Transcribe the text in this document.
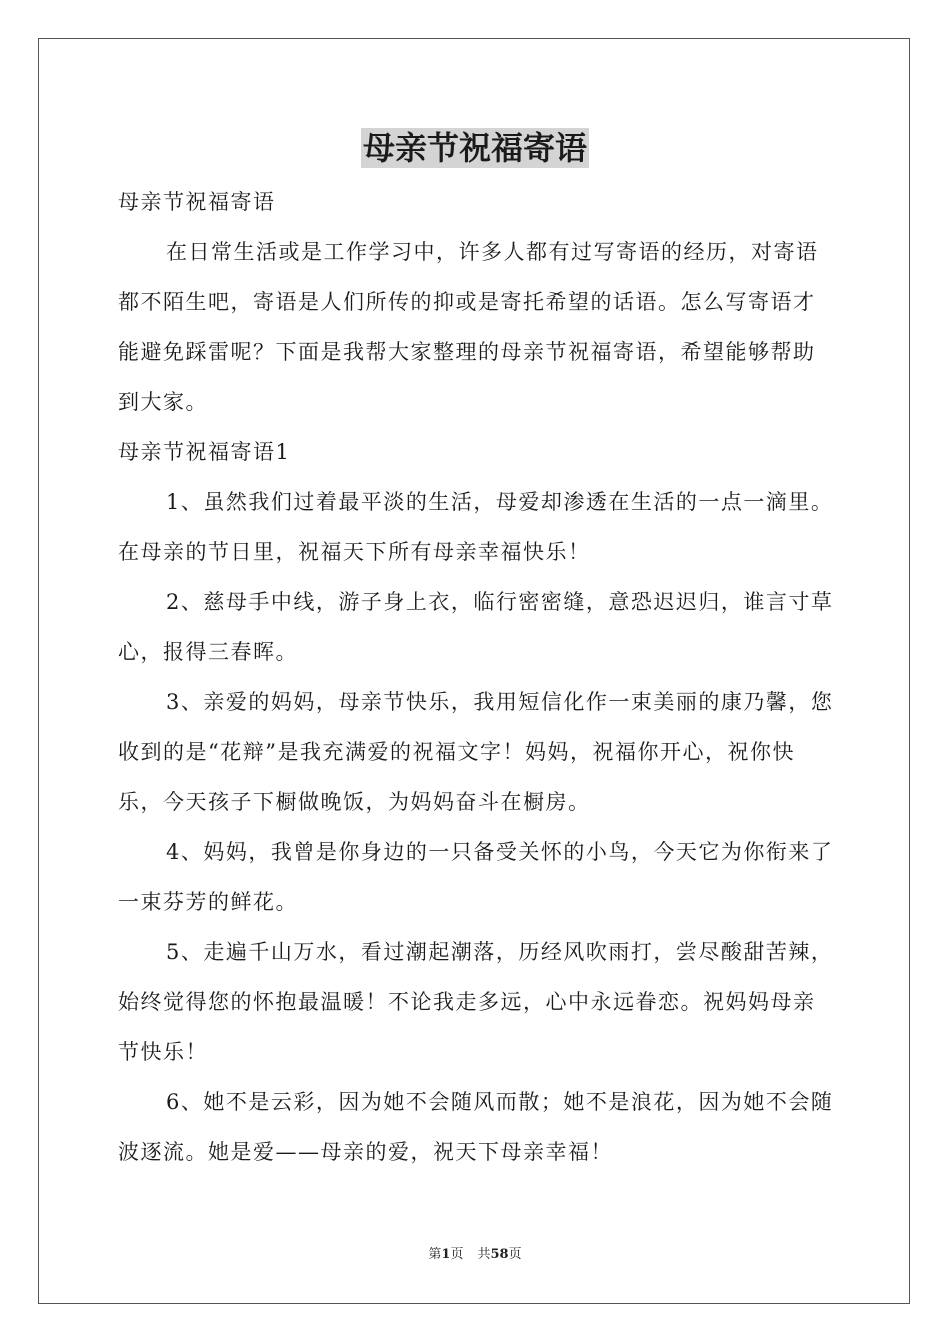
母亲节祝福寄语

母亲节祝福寄语

在日常生活或是工作学习中，许多人都有过写寄语的经历，对寄语都不陌生吧，寄语是人们所传的抑或是寄托希望的话语。怎么写寄语才能避免踩雷呢？下面是我帮大家整理的母亲节祝福寄语，希望能够帮助到大家。

母亲节祝福寄语1

1、虽然我们过着最平淡的生活，母爱却渗透在生活的一点一滴里。在母亲的节日里，祝福天下所有母亲幸福快乐！

2、慈母手中线，游子身上衣，临行密密缝，意恐迟迟归，谁言寸草心，报得三春晖。

3、亲爱的妈妈，母亲节快乐，我用短信化作一束美丽的康乃馨，您收到的是“花辩”是我充满爱的祝福文字！妈妈，祝福你开心，祝你快乐，今天孩子下橱做晚饭，为妈妈奋斗在橱房。

4、妈妈，我曾是你身边的一只备受关怀的小鸟，今天它为你衔来了一束芬芳的鲜花。

5、走遍千山万水，看过潮起潮落，历经风吹雨打，尝尽酸甜苦辣，始终觉得您的怀抱最温暖！不论我走多远，心中永远眷恋。祝妈妈母亲节快乐！

6、她不是云彩，因为她不会随风而散；她不是浪花，因为她不会随波逐流。她是爱——母亲的爱，祝天下母亲幸福！

第1页 共58页
